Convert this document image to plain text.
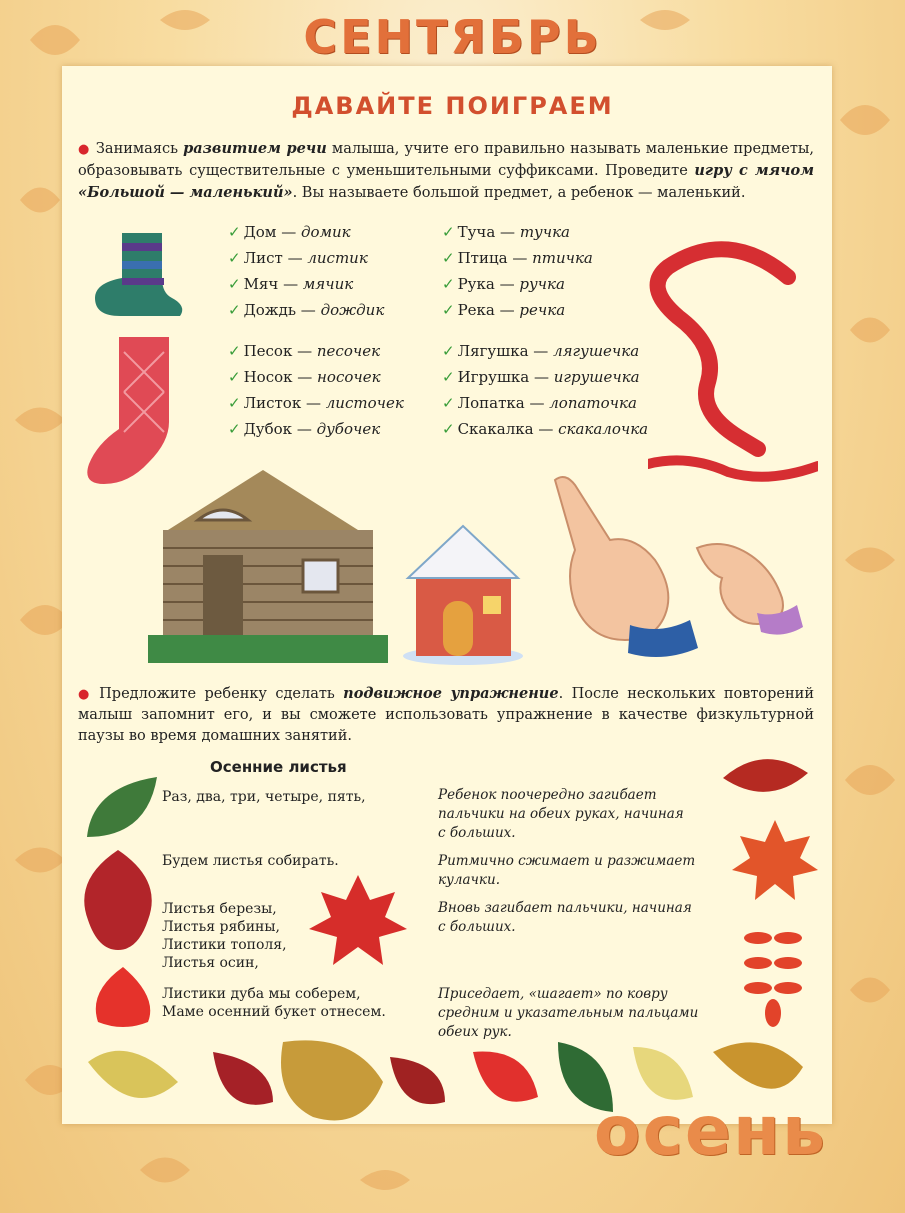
СЕНТЯБРЬ
ДАВАЙТЕ ПОИГРАЕМ
● Занимаясь развитием речи малыша, учите его правильно называть маленькие предметы, образовывать существительные с уменьшительными суффиксами. Проведите игру с мячом «Большой — маленький». Вы называете большой предмет, а ребенок — маленький.
✓ Дом — домик
✓ Лист — листик
✓ Мяч — мячик
✓ Дождь — дождик
✓ Туча — тучка
✓ Птица — птичка
✓ Рука — ручка
✓ Река — речка
✓ Песок — песочек
✓ Носок — носочек
✓ Листок — листочек
✓ Дубок — дубочек
✓ Лягушка — лягушечка
✓ Игрушка — игрушечка
✓ Лопатка — лопаточка
✓ Скакалка — скакалочка
● Предложите ребенку сделать подвижное упражнение. После нескольких повторений малыш запомнит его, и вы сможете использовать упражнение в качестве физкультурной паузы во время домашних занятий.
Осенние листья
Раз, два, три, четыре, пять,
Будем листья собирать.
Листья березы,
Листья рябины,
Листики тополя,
Листья осин,
Листики дуба мы соберем,
Маме осенний букет отнесем.
Ребенок поочередно загибает
пальчики на обеих руках, начиная
с больших.
Ритмично сжимает и разжимает
кулачки.
Вновь загибает пальчики, начиная
с больших.
Приседает, «шагает» по ковру
средним и указательным пальцами
обеих рук.
осень
